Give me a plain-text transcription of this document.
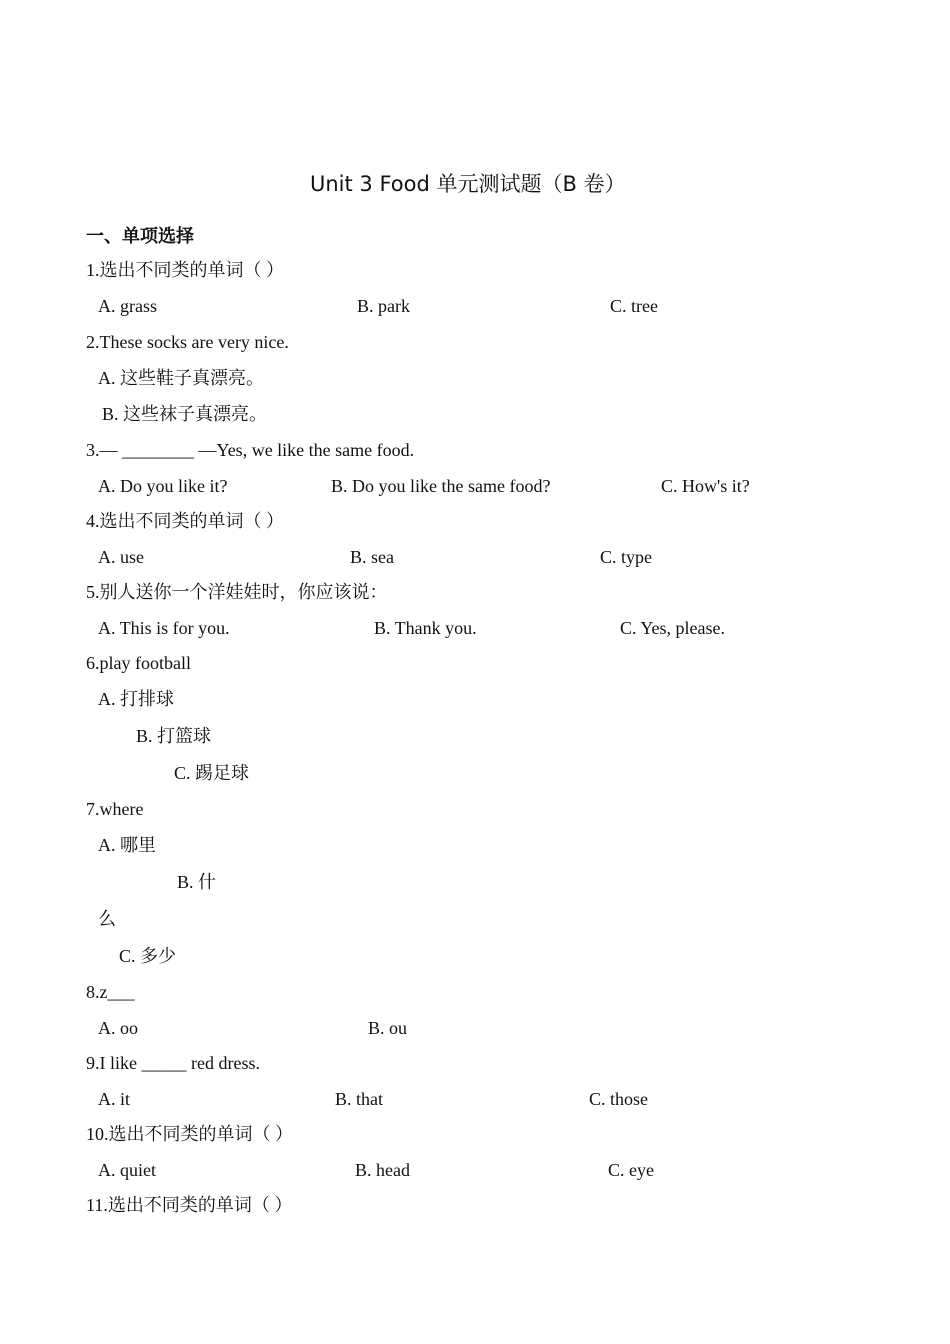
Unit 3 Food 单元测试题（B 卷）
一、单项选择
1.选出不同类的单词（ ）
A. grass	B. park	C. tree
2.These socks are very nice.
A. 这些鞋子真漂亮。
B. 这些袜子真漂亮。
3.— ________ —Yes, we like the same food.
A. Do you like it?	B. Do you like the same food?	C. How's it?
4.选出不同类的单词（ ）
A. use	B. sea	C. type
5.别人送你一个洋娃娃时，你应该说：
A. This is for you.	B. Thank you.	C. Yes, please.
6.play football
A. 打排球
B. 打篮球
C. 踢足球
7.where
A. 哪里
B. 什
么
C. 多少
8.z___
A. oo	B. ou
9.I like _____ red dress.
A. it	B. that	C. those
10.选出不同类的单词（ ）
A. quiet	B. head	C. eye
11.选出不同类的单词（ ）
